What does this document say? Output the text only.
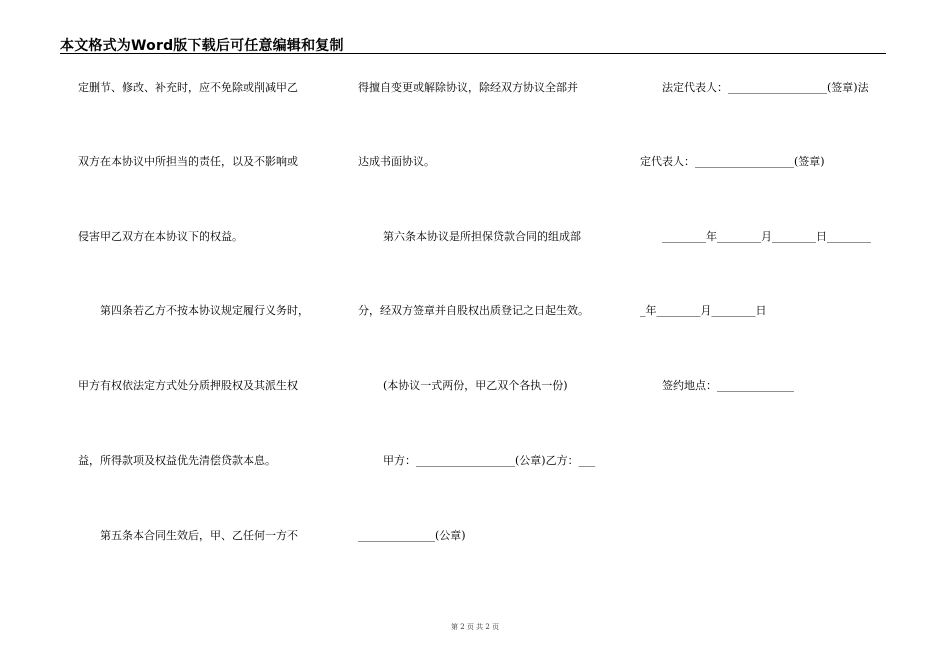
本文格式为Word版下载后可任意编辑和复制
定删节、修改、补充时，应不免除或削减甲乙
双方在本协议中所担当的责任，以及不影响或
侵害甲乙双方在本协议下的权益。
第四条若乙方不按本协议规定履行义务时，
甲方有权依法定方式处分质押股权及其派生权
益，所得款项及权益优先清偿贷款本息。
第五条本合同生效后，甲、乙任何一方不
得擅自变更或解除协议，除经双方协议全部并
达成书面协议。
第六条本协议是所担保贷款合同的组成部
分，经双方签章并自股权出质登记之日起生效。
(本协议一式两份，甲乙双个各执一份)
甲方：__________________(公章)乙方：___
______________(公章)
法定代表人：__________________(签章)法
定代表人：__________________(签章)
________年________月________日________
_年________月________日
签约地点：______________
第 2 页 共 2 页
